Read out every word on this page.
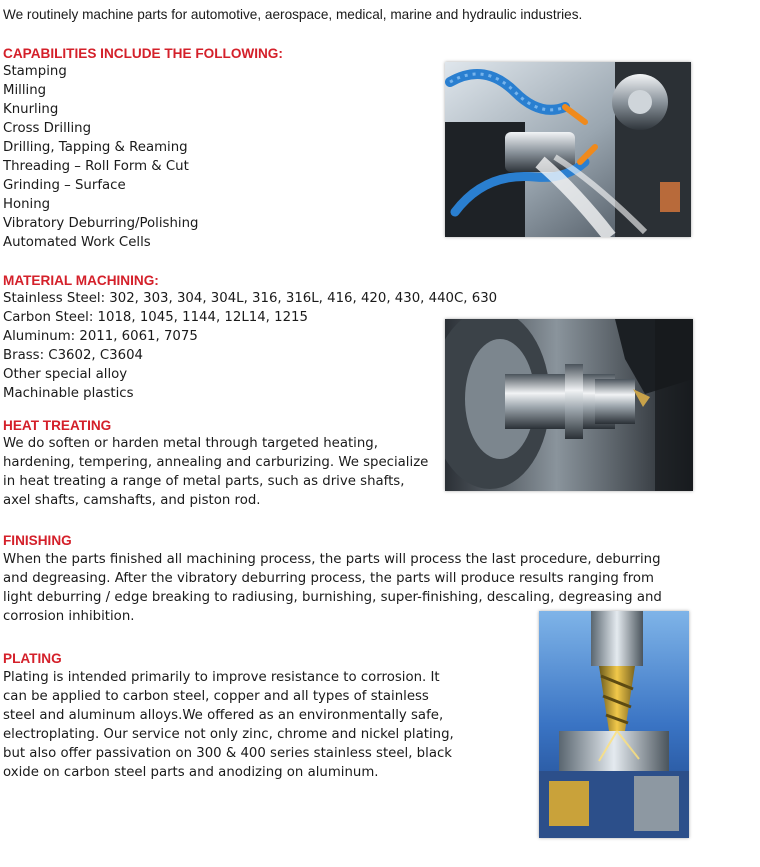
We routinely machine parts for automotive, aerospace, medical, marine and hydraulic industries.
CAPABILITIES INCLUDE THE FOLLOWING:
Stamping
Milling
Knurling
Cross Drilling
Drilling, Tapping & Reaming
Threading – Roll Form & Cut
Grinding – Surface
Honing
Vibratory Deburring/Polishing
Automated Work Cells
MATERIAL MACHINING:
Stainless Steel: 302, 303, 304, 304L, 316, 316L, 416, 420, 430, 440C, 630
Carbon Steel: 1018, 1045, 1144, 12L14, 1215
Aluminum: 2011, 6061, 7075
Brass: C3602, C3604
Other special alloy
Machinable plastics
HEAT TREATING

We do soften or harden metal through targeted heating, hardening, tempering, annealing and carburizing. We specialize in heat treating a range of metal parts, such as drive shafts, axel shafts, camshafts, and piston rod.

FINISHING

When the parts finished all machining process, the parts will process the last procedure, deburring and degreasing. After the vibratory deburring process, the parts will produce results ranging from light deburring / edge breaking to radiusing, burnishing, super-finishing, descaling, degreasing and corrosion inhibition.

PLATING

Plating is intended primarily to improve resistance to corrosion. It can be applied to carbon steel, copper and all types of stainless steel and aluminum alloys.We offered as an environmentally safe, electroplating. Our service not only zinc, chrome and nickel plating, but also offer passivation on 300 & 400 series stainless steel, black oxide on carbon steel parts and anodizing on aluminum.
